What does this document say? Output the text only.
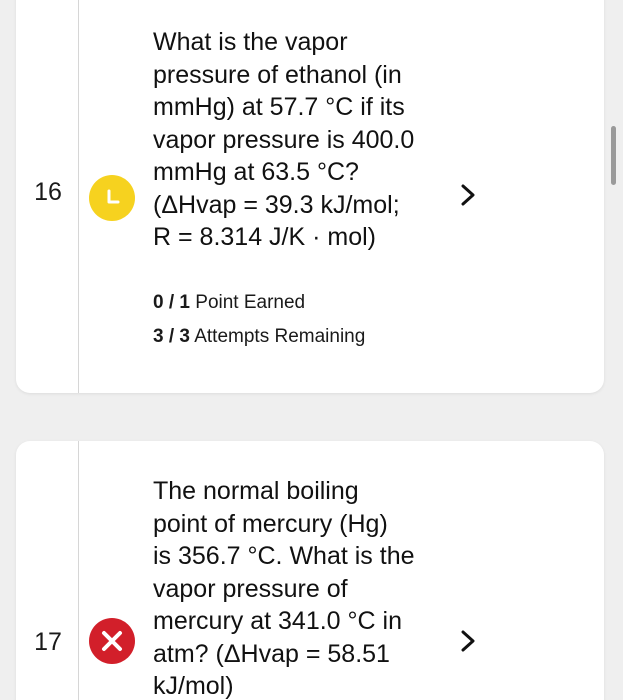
16

What is the vapor
pressure of ethanol (in
mmHg) at 57.7 °C if its
vapor pressure is 400.0
mmHg at 63.5 °C?
(ΔHvap = 39.3 kJ/mol;
R = 8.314 J/K · mol)

0 / 1 Point Earned
3 / 3 Attempts Remaining
17

The normal boiling
point of mercury (Hg)
is 356.7 °C. What is the
vapor pressure of
mercury at 341.0 °C in
atm? (ΔHvap = 58.51
kJ/mol)
